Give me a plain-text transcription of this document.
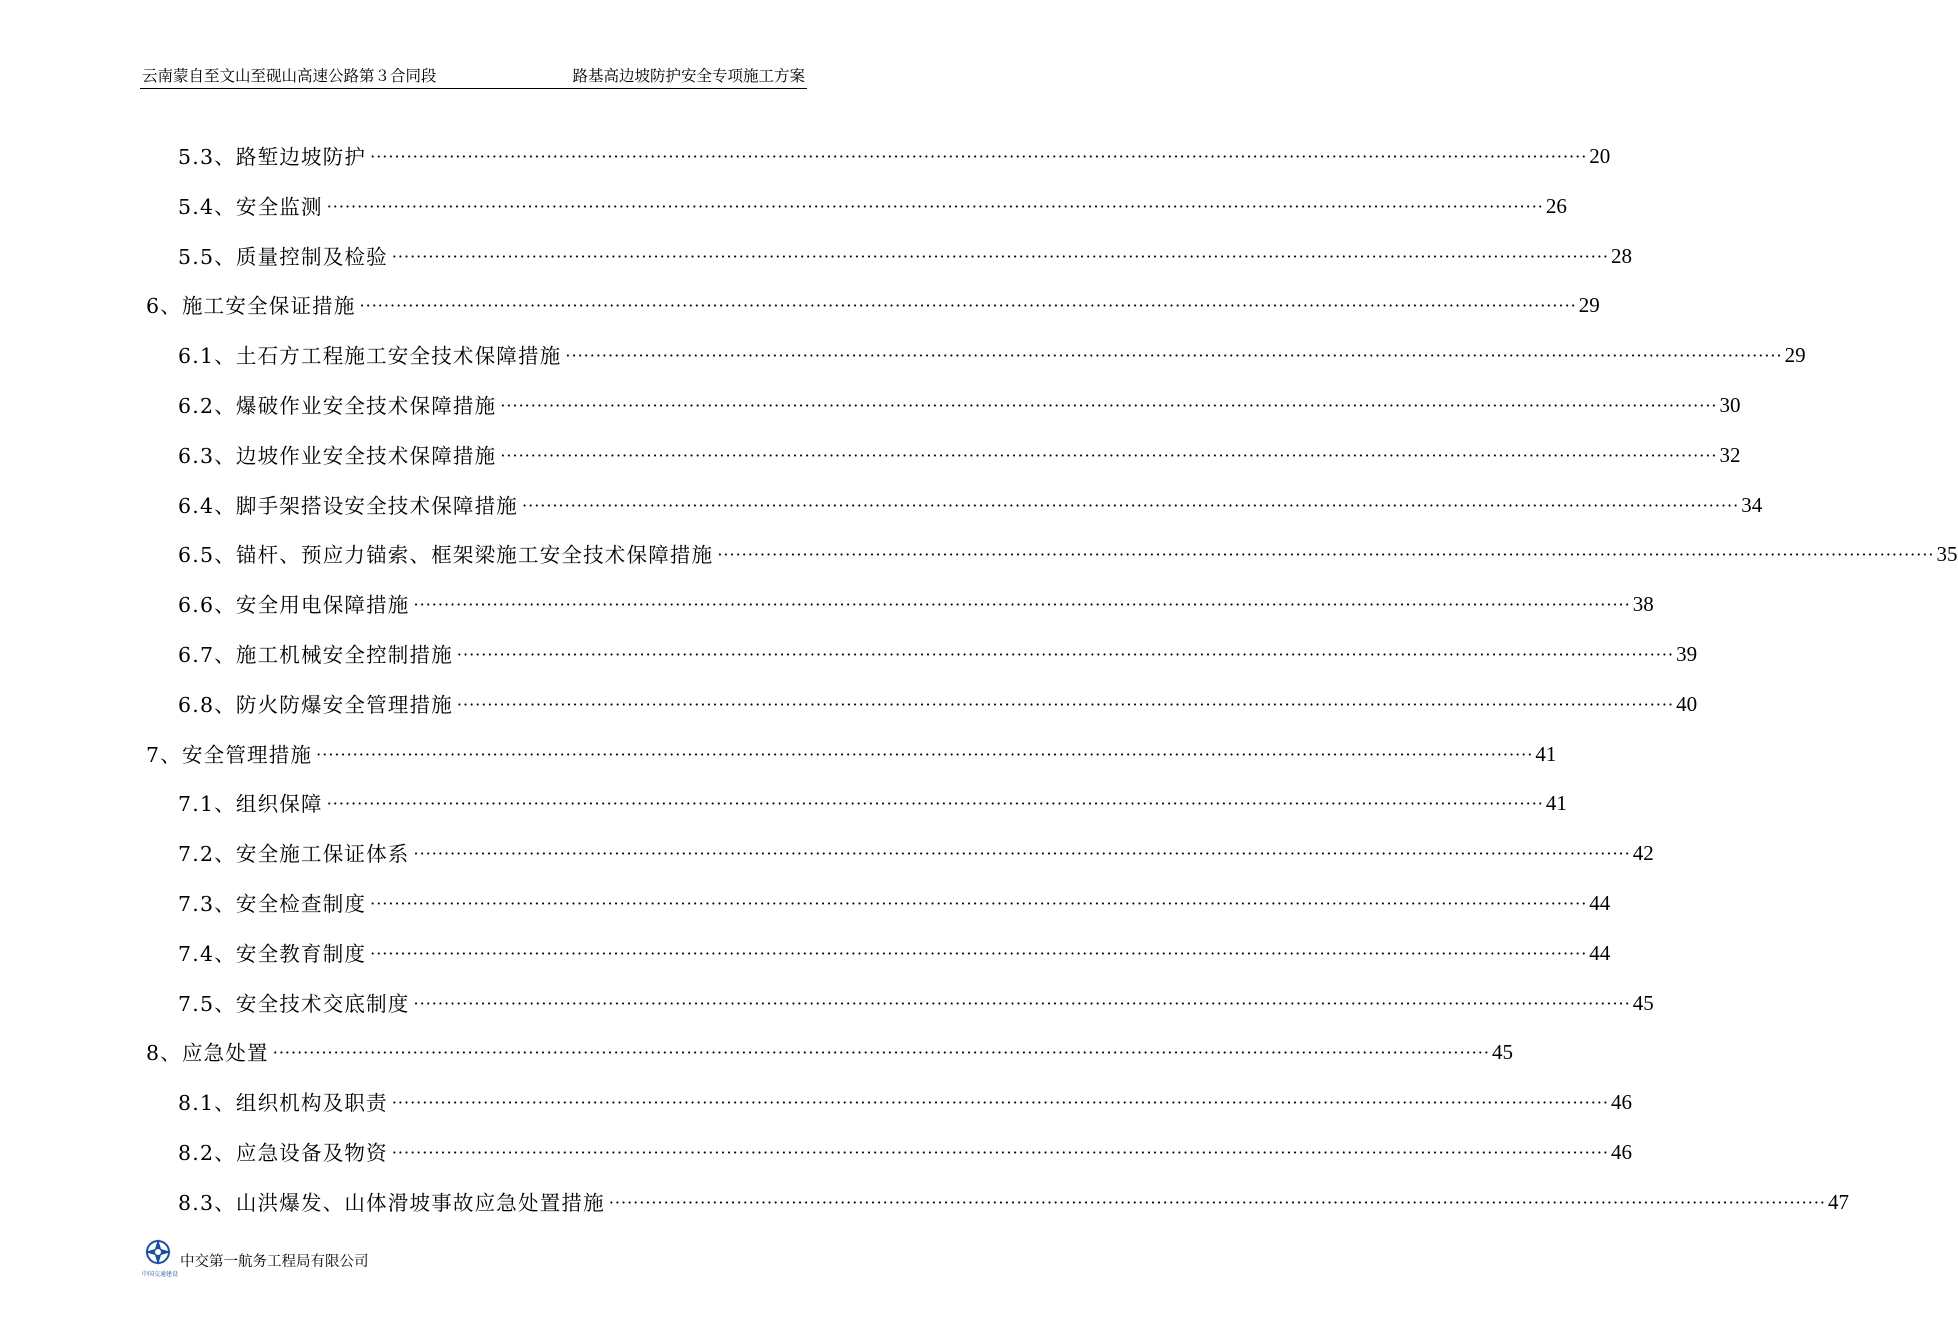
云南蒙自至文山至砚山高速公路第３合同段	路基高边坡防护安全专项施工方案
5.3、路堑边坡防护 ········································································································································································································ 20
5.4、安全监测 ········································································································································································································ 26
5.5、质量控制及检验 ········································································································································································································ 28
6、施工安全保证措施 ········································································································································································································ 29
6.1、土石方工程施工安全技术保障措施 ········································································································································································································ 29
6.2、爆破作业安全技术保障措施 ········································································································································································································ 30
6.3、边坡作业安全技术保障措施 ········································································································································································································ 32
6.4、脚手架搭设安全技术保障措施 ········································································································································································································ 34
6.5、锚杆、预应力锚索、框架梁施工安全技术保障措施 ········································································································································································································ 35
6.6、安全用电保障措施 ········································································································································································································ 38
6.7、施工机械安全控制措施 ········································································································································································································ 39
6.8、防火防爆安全管理措施 ········································································································································································································ 40
7、安全管理措施 ········································································································································································································ 41
7.1、组织保障 ········································································································································································································ 41
7.2、安全施工保证体系 ········································································································································································································ 42
7.3、安全检查制度 ········································································································································································································ 44
7.4、安全教育制度 ········································································································································································································ 44
7.5、安全技术交底制度 ········································································································································································································ 45
8、应急处置 ········································································································································································································ 45
8.1、组织机构及职责 ········································································································································································································ 46
8.2、应急设备及物资 ········································································································································································································ 46
8.3、山洪爆发、山体滑坡事故应急处置措施 ········································································································································································································ 47
中国交通建设
中交第一航务工程局有限公司
